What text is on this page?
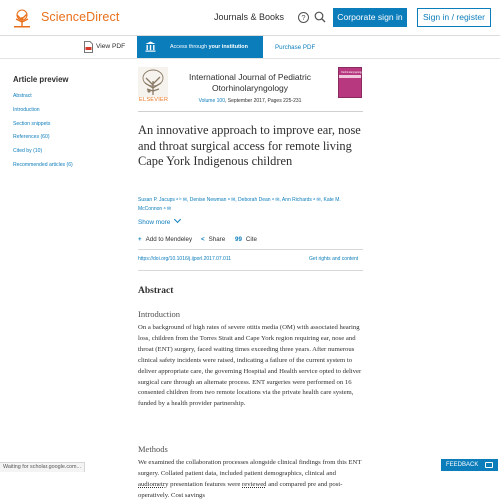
ScienceDirect	Journals & Books	?	Corporate sign in	Sign in / register
View PDF	Access through your institution	Purchase PDF
Article preview
Abstract
Introduction
Section snippets
References (60)
Cited by (10)
Recommended articles (6)
ELSEVIER
International Journal of Pediatric
Otorhinolaryngology
Volume 100, September 2017, Pages 225-231
Otorhinolaryngology
An innovative approach to improve ear, nose and throat surgical access for remote living Cape York Indigenous children
Susan P. Jacups ᵃ ᵇ ✉, Denise Newman ᵃ ✉, Deborah Dean ᵃ ✉, Ann Richards ᵃ ✉, Kate M.
McConnon ᵃ ✉
Show more
+ Add to Mendeley < Share 99 Cite
https://doi.org/10.1016/j.ijporl.2017.07.011	Get rights and content
Abstract
Introduction

On a background of high rates of severe otitis media (OM) with associated hearing loss, children from the Torres Strait and Cape York region requiring ear, nose and throat (ENT) surgery, faced waiting times exceeding three years. After numerous clinical safety incidents were raised, indicating a failure of the current system to deliver appropriate care, the governing Hospital and Health service opted to deliver surgical care through an alternate process. ENT surgeries were performed on 16 consented children from two remote locations via the private health care system, funded by a health provider partnership.

Methods

We examined the collaboration processes alongside clinical findings from this ENT surgery. Collated patient data, included patient demographics, clinical and audiometry presentation features were reviewed and compared pre and post-operatively. Cost savings

Waiting for scholar.google.com...	FEEDBACK
